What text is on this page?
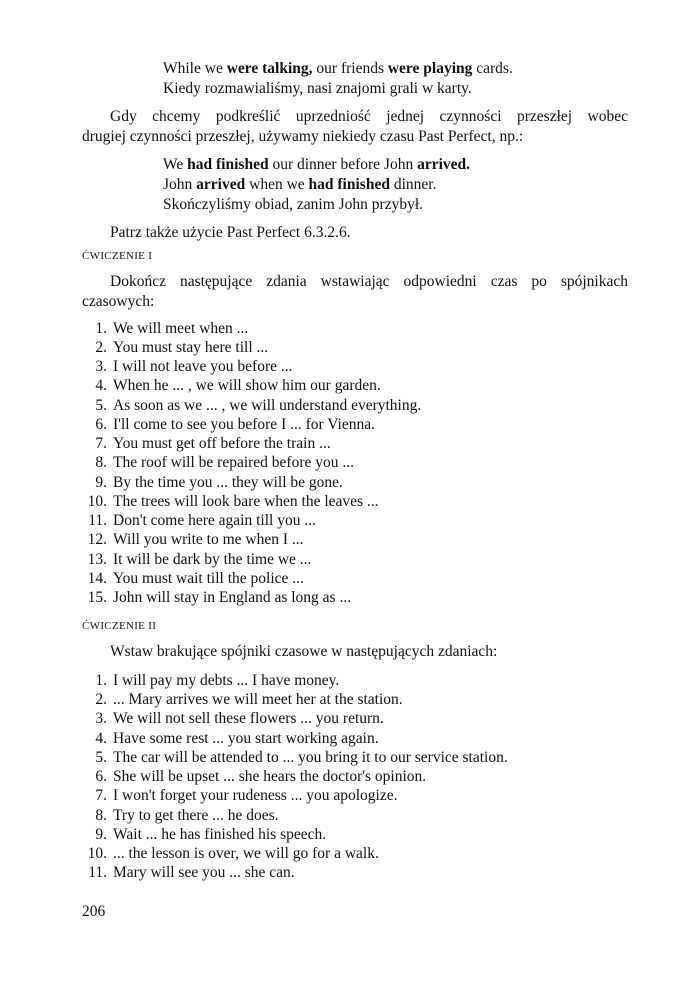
While we were talking, our friends were playing cards.
Kiedy rozmawialiśmy, nasi znajomi grali w karty.
Gdy chcemy podkreślić uprzedniość jednej czynności przeszłej wobec
drugiej czynności przeszłej, używamy niekiedy czasu Past Perfect, np.:
We had finished our dinner before John arrived.
John arrived when we had finished dinner.
Skończyliśmy obiad, zanim John przybył.
Patrz także użycie Past Perfect 6.3.2.6.
ĆWICZENIE I
Dokończ następujące zdania wstawiając odpowiedni czas po spójnikach
czasowych:
1. We will meet when ...
2. You must stay here till ...
3. I will not leave you before ...
4. When he ... , we will show him our garden.
5. As soon as we ... , we will understand everything.
6. I'll come to see you before I ... for Vienna.
7. You must get off before the train ...
8. The roof will be repaired before you ...
9. By the time you ... they will be gone.
10. The trees will look bare when the leaves ...
11. Don't come here again till you ...
12. Will you write to me when I ...
13. It will be dark by the time we ...
14. You must wait till the police ...
15. John will stay in England as long as ...
ĆWICZENIE II
Wstaw brakujące spójniki czasowe w następujących zdaniach:
1. I will pay my debts ... I have money.
2. ... Mary arrives we will meet her at the station.
3. We will not sell these flowers ... you return.
4. Have some rest ... you start working again.
5. The car will be attended to ... you bring it to our service station.
6. She will be upset ... she hears the doctor's opinion.
7. I won't forget your rudeness ... you apologize.
8. Try to get there ... he does.
9. Wait ... he has finished his speech.
10. ... the lesson is over, we will go for a walk.
11. Mary will see you ... she can.
206
